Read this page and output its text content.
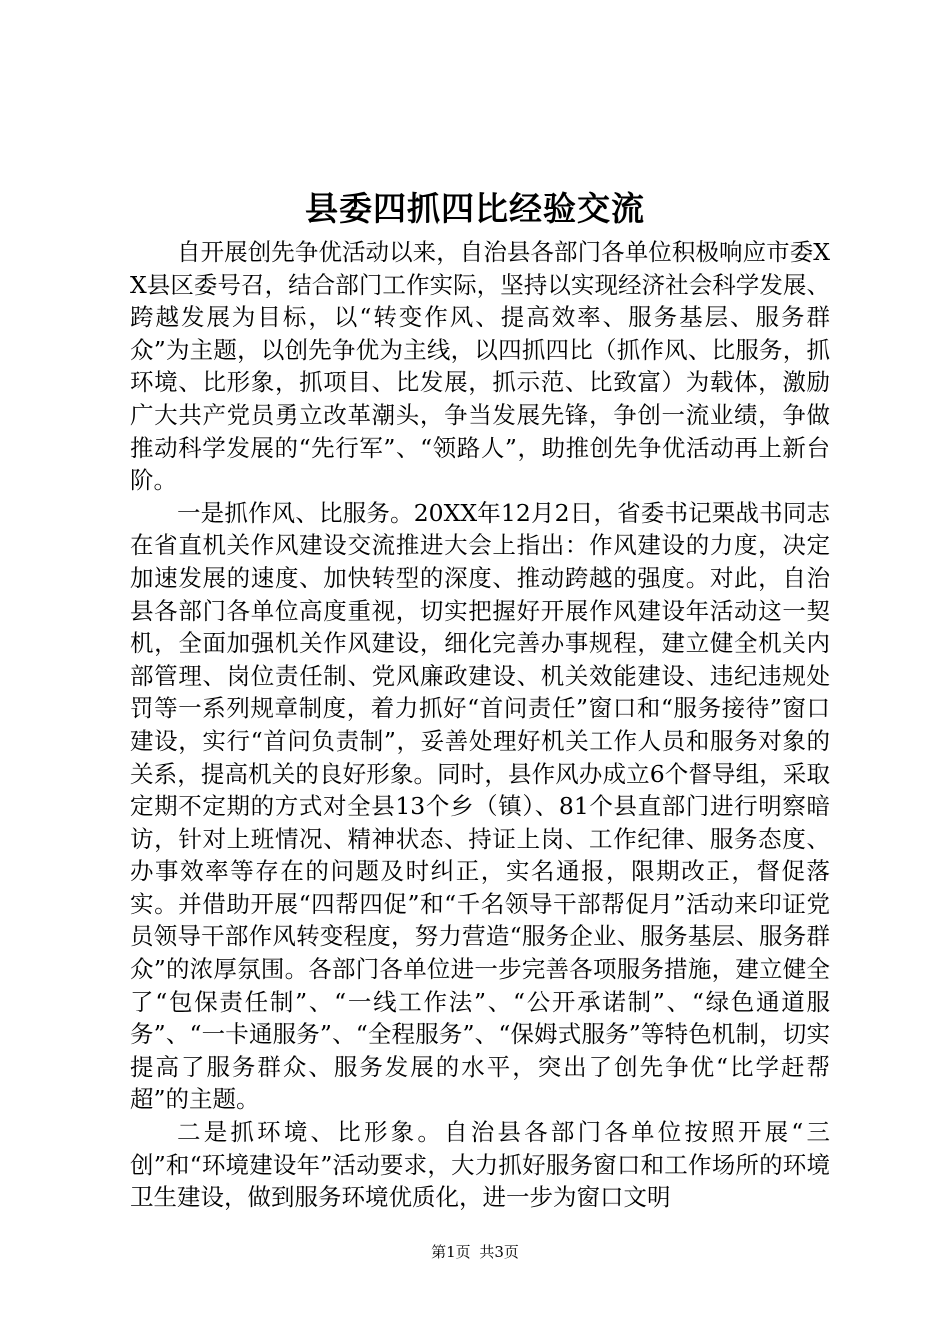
县委四抓四比经验交流

自开展创先争优活动以来，自治县各部门各单位积极响应市委XX县区委号召，结合部门工作实际，坚持以实现经济社会科学发展、跨越发展为目标，以“转变作风、提高效率、服务基层、服务群众”为主题，以创先争优为主线，以四抓四比（抓作风、比服务，抓环境、比形象，抓项目、比发展，抓示范、比致富）为载体，激励广大共产党员勇立改革潮头，争当发展先锋，争创一流业绩，争做推动科学发展的“先行军”、“领路人”，助推创先争优活动再上新台阶。

一是抓作风、比服务。20XX年12月2日，省委书记栗战书同志在省直机关作风建设交流推进大会上指出：作风建设的力度，决定加速发展的速度、加快转型的深度、推动跨越的强度。对此，自治县各部门各单位高度重视，切实把握好开展作风建设年活动这一契机，全面加强机关作风建设，细化完善办事规程，建立健全机关内部管理、岗位责任制、党风廉政建设、机关效能建设、违纪违规处罚等一系列规章制度，着力抓好“首问责任”窗口和“服务接待”窗口建设，实行“首问负责制”，妥善处理好机关工作人员和服务对象的关系，提高机关的良好形象。同时，县作风办成立6个督导组，采取定期不定期的方式对全县13个乡（镇）、81个县直部门进行明察暗访，针对上班情况、精神状态、持证上岗、工作纪律、服务态度、办事效率等存在的问题及时纠正，实名通报，限期改正，督促落实。并借助开展“四帮四促”和“千名领导干部帮促月”活动来印证党员领导干部作风转变程度，努力营造“服务企业、服务基层、服务群众”的浓厚氛围。各部门各单位进一步完善各项服务措施，建立健全了“包保责任制”、“一线工作法”、“公开承诺制”、“绿色通道服务”、“一卡通服务”、“全程服务”、“保姆式服务”等特色机制，切实提高了服务群众、服务发展的水平，突出了创先争优“比学赶帮超”的主题。

二是抓环境、比形象。自治县各部门各单位按照开展“三创”和“环境建设年”活动要求，大力抓好服务窗口和工作场所的环境卫生建设，做到服务环境优质化，进一步为窗口文明

第1页 共3页
